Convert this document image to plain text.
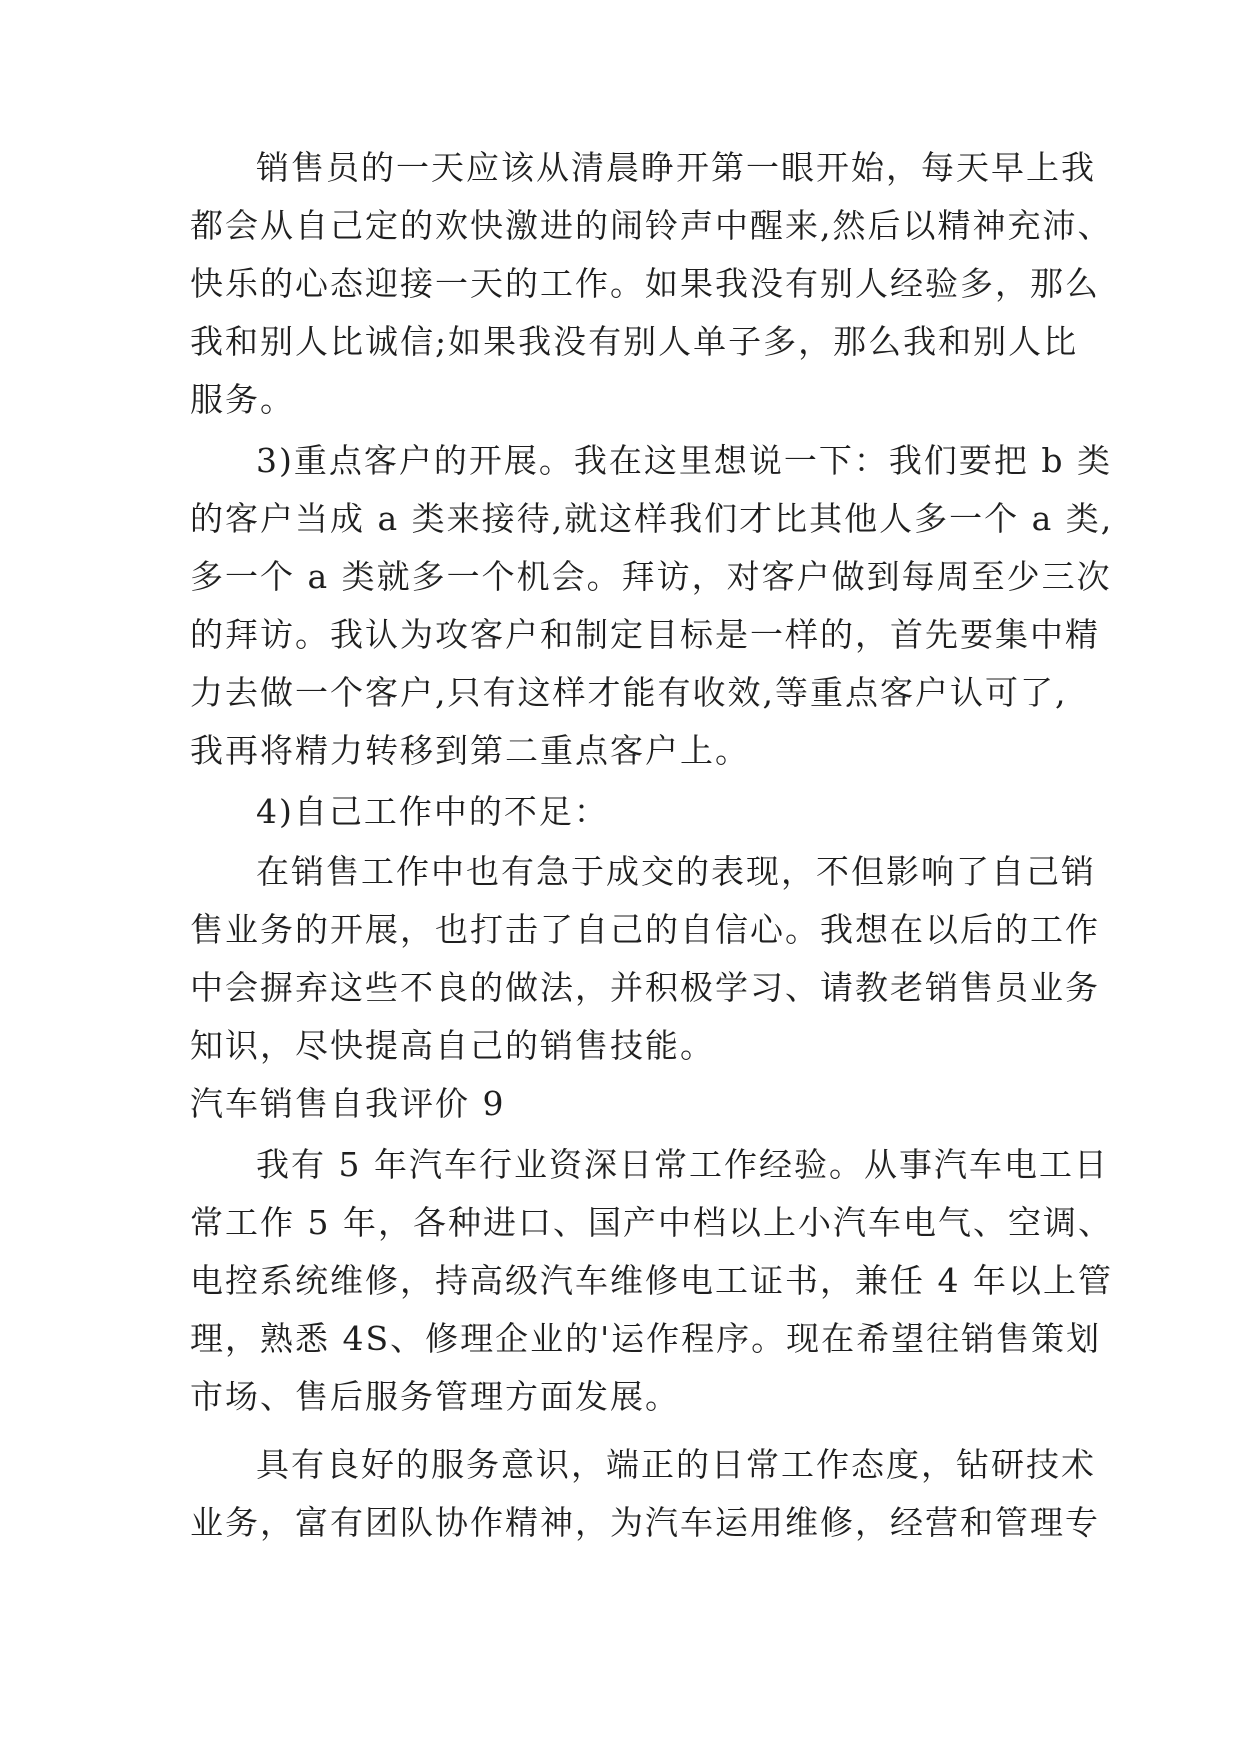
销售员的一天应该从清晨睁开第一眼开始，每天早上我
都会从自己定的欢快激进的闹铃声中醒来,然后以精神充沛、
快乐的心态迎接一天的工作。如果我没有别人经验多，那么
我和别人比诚信;如果我没有别人单子多，那么我和别人比
服务。
3)重点客户的开展。我在这里想说一下：我们要把 b 类
的客户当成 a 类来接待,就这样我们才比其他人多一个 a 类,
多一个 a 类就多一个机会。拜访，对客户做到每周至少三次
的拜访。我认为攻客户和制定目标是一样的，首先要集中精
力去做一个客户,只有这样才能有收效,等重点客户认可了,
我再将精力转移到第二重点客户上。
4)自己工作中的不足：
在销售工作中也有急于成交的表现，不但影响了自己销
售业务的开展，也打击了自己的自信心。我想在以后的工作
中会摒弃这些不良的做法，并积极学习、请教老销售员业务
知识，尽快提高自己的销售技能。
汽车销售自我评价 9
我有 5 年汽车行业资深日常工作经验。从事汽车电工日
常工作 5 年，各种进口、国产中档以上小汽车电气、空调、
电控系统维修，持高级汽车维修电工证书，兼任 4 年以上管
理，熟悉 4S、修理企业的'运作程序。现在希望往销售策划
市场、售后服务管理方面发展。
具有良好的服务意识，端正的日常工作态度，钻研技术
业务，富有团队协作精神，为汽车运用维修，经营和管理专
